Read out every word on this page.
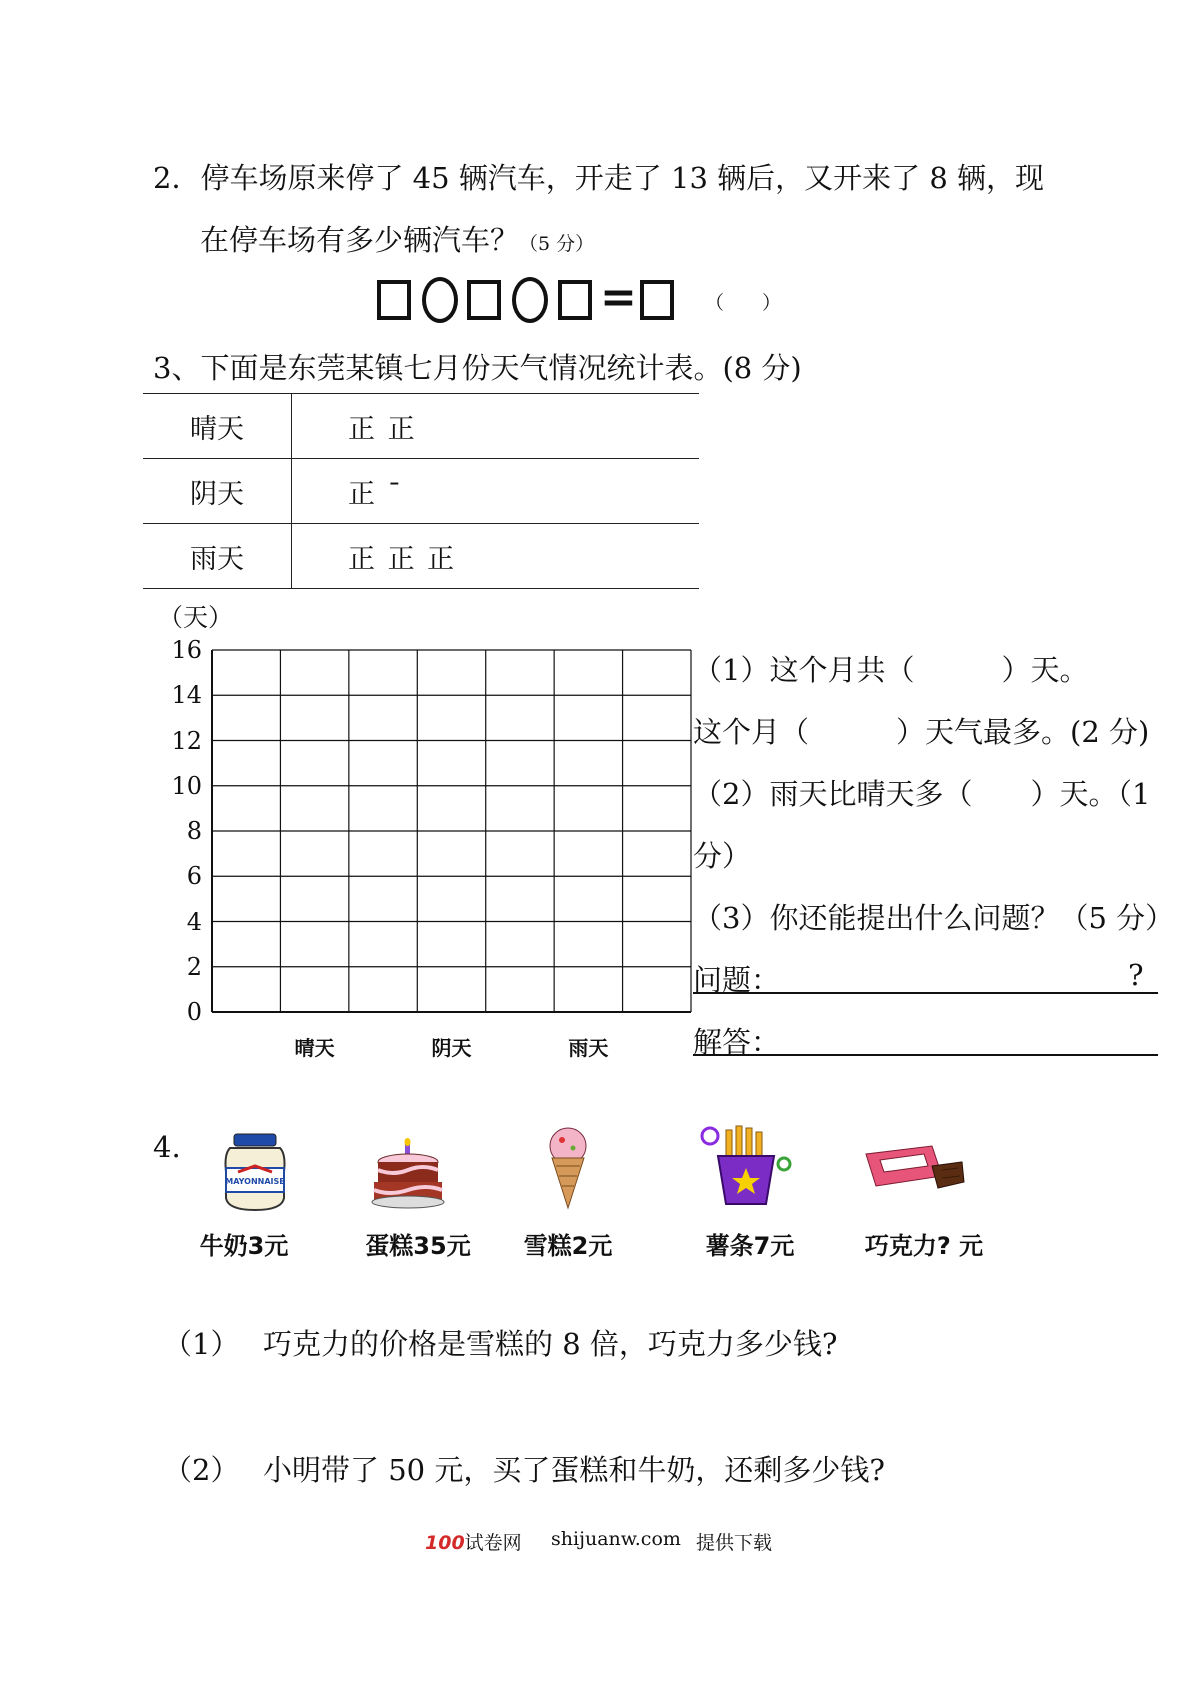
2．停车场原来停了 45 辆汽车，开走了 13 辆后，又开来了 8 辆，现
在停车场有多少辆汽车？（5 分）
=	（　　）
3、下面是东莞某镇七月份天气情况统计表。(8 分)
晴天	正 正
阴天	正 ¯
雨天	正 正 正
（天）
16
14
12
10
8
6
4
2
0
晴天	阴天	雨天
（1）这个月共（　　　）天。
这个月（　　　）天气最多。(2 分)
（2）雨天比晴天多（　　）天。（1
分）
（3）你还能提出什么问题？（5 分）
问题：	?
解答：
4.
MAYONNAISE
牛奶3元	蛋糕35元	雪糕2元	薯条7元	巧克力? 元
（1） 巧克力的价格是雪糕的 8 倍，巧克力多少钱?
（2） 小明带了 50 元，买了蛋糕和牛奶，还剩多少钱?
100试卷网 shijuanw.com 提供下载
